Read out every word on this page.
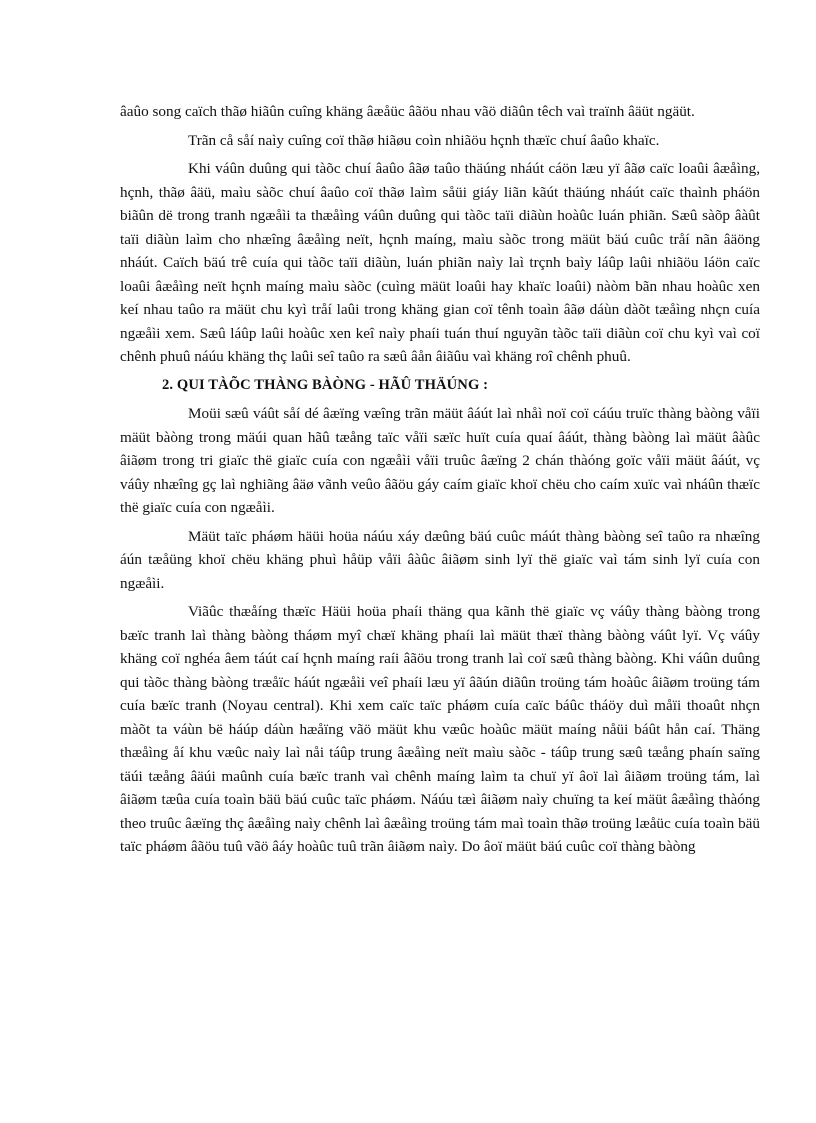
âaûo song caïch thãø hiãûn cuîng khäng âæåüc âãöu nhau vãö diãûn têch vaì traïnh âäüt ngäüt.

Trãn cå såí naìy cuîng coï thãø hiãøu coìn nhiãöu hçnh thæïc chuí âaûo khaïc.

Khi váûn duûng qui tàõc chuí âaûo âãø taûo thäúng nháút cáön læu yï âãø caïc loaûi âæåìng, hçnh, thãø âäü, maìu sàõc chuí âaûo coï thãø laìm såüi giáy liãn kãút thäúng nháút caïc thaình pháön biãûn dë trong tranh ngæåìi ta thæåìng váûn duûng qui tàõc taïi diãùn hoàûc luán phiãn. Sæû sàõp âàût taïi diãùn laìm cho nhæîng âæåìng neït, hçnh maíng, maìu sàõc trong mäüt bäú cuûc tråí nãn âäöng nháút. Caïch bäú trê cuía qui tàõc taïi diãùn, luán phiãn naìy laì trçnh baìy láûp laûi nhiãöu láön caïc loaûi âæåìng neït hçnh maíng maìu sàõc (cuìng mäüt loaûi hay khaïc loaûi) nàòm bãn nhau hoàûc xen keí nhau taûo ra mäüt chu kyì tråí laûi trong khäng gian coï tênh toaìn âãø dáùn dàõt tæåìng nhçn cuía ngæåìi xem. Sæû láûp laûi hoàûc xen keî naìy phaíi tuán thuí nguyãn tàõc taïi diãùn coï chu kyì vaì coï chênh phuû náúu khäng thç laûi seî taûo ra sæû âån âiãûu vaì khäng roî chênh phuû.

2. QUI TÀÕC THÀNG BÀÒNG - HÃÛ THÄÚNG :

Moüi sæû váût såí dé âæïng væîng trãn mäüt âáút laì nhåì noï coï cáúu truïc thàng bàòng våïi mäüt bàòng trong mäúi quan hãû tæång taïc våïi sæïc huït cuía quaí âáút, thàng bàòng laì mäüt âàûc âiãøm trong tri giaïc thë giaïc cuía con ngæåìi våïi truûc âæïng 2 chán thàóng goïc våïi mäüt âáút, vç váûy nhæîng gç laì nghiãng âäø vãnh veûo âãöu gáy caím giaïc khoï chëu cho caím xuïc vaì nháûn thæïc thë giaïc cuía con ngæåìi.

Mäüt taïc pháøm häüi hoüa náúu xáy dæûng bäú cuûc máút thàng bàòng seî taûo ra nhæîng áún tæåüng khoï chëu khäng phuì håüp våïi âàûc âiãøm sinh lyï thë giaïc vaì tám sinh lyï cuía con ngæåìi.

Viãûc thæåíng thæïc Häüi hoüa phaíi thäng qua kãnh thë giaïc vç váûy thàng bàòng trong bæïc tranh laì thàng bàòng tháøm myî chæï khäng phaíi laì mäüt thæï thàng bàòng váût lyï. Vç váûy khäng coï nghéa âem táút caí hçnh maíng raíi âãöu trong tranh laì coï sæû thàng bàòng. Khi váûn duûng qui tàõc thàng bàòng træåïc háút ngæåìi veî phaíi læu yï âãún diãûn troüng tám hoàûc âiãøm troüng tám cuía bæïc tranh (Noyau central). Khi xem caïc taïc pháøm cuía caïc báûc tháöy duì måïi thoaût nhçn màõt ta váùn bë háúp dáùn hæåïng vãö mäüt khu væûc hoàûc mäüt maíng nåüi báût hån caí. Thäng thæåìng åí khu væûc naìy laì nåi táûp trung âæåìng neït maìu sàõc - táûp trung sæû tæång phaín saïng täúi tæång âäúi maûnh cuía bæïc tranh vaì chênh maíng laìm ta chuï yï âoï laì âiãøm troüng tám, laì âiãøm tæûa cuía toaìn bäü bäú cuûc taïc pháøm. Náúu tæì âiãøm naìy chuïng ta keí mäüt âæåìng thàóng theo truûc âæïng thç âæåìng naìy chênh laì âæåìng troüng tám maì toaìn thãø troüng læåüc cuía toaìn bäü taïc pháøm âãöu tuû vãö âáy hoàûc tuû trãn âiãøm naìy. Do âoï mäüt bäú cuûc coï thàng bàòng
